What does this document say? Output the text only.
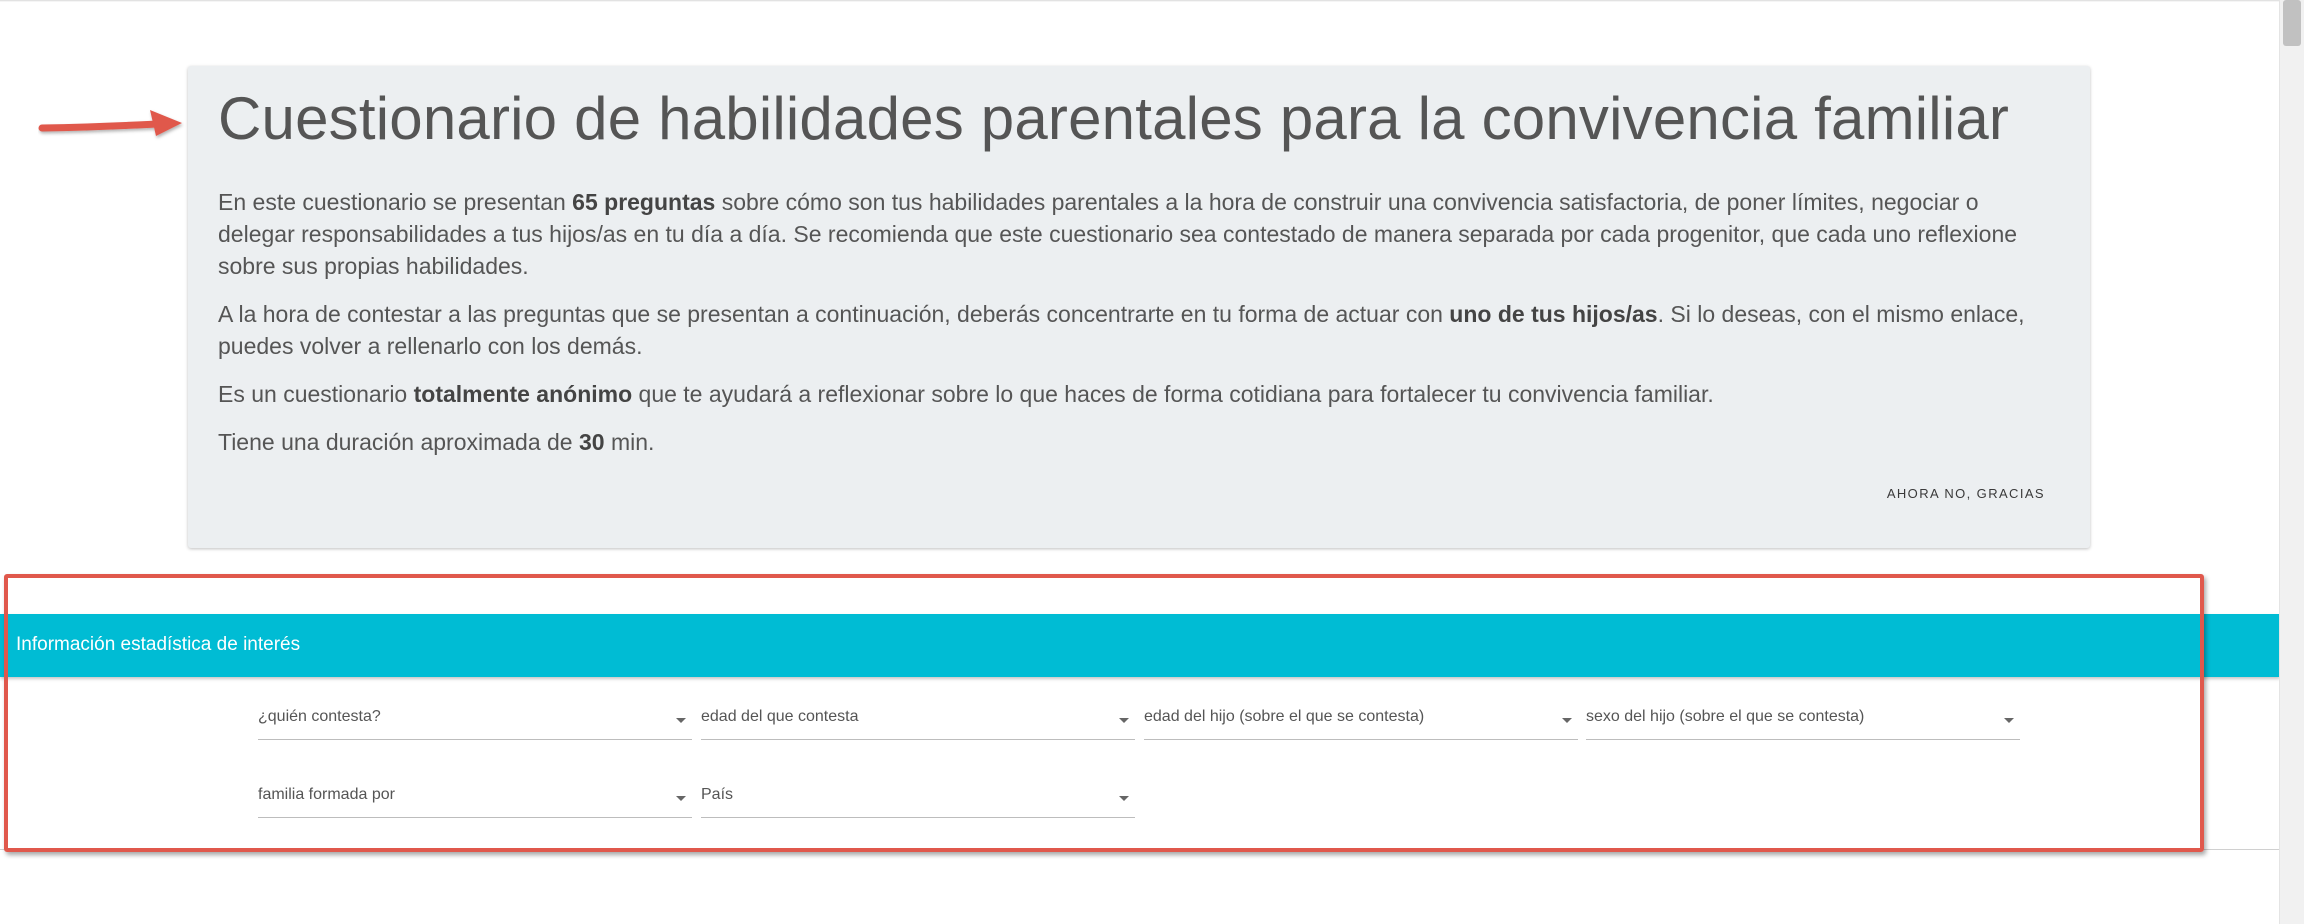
Cuestionario de habilidades parentales para la convivencia familiar

En este cuestionario se presentan 65 preguntas sobre cómo son tus habilidades parentales a la hora de construir una convivencia satisfactoria, de poner límites, negociar o delegar responsabilidades a tus hijos/as en tu día a día. Se recomienda que este cuestionario sea contestado de manera separada por cada progenitor, que cada uno reflexione sobre sus propias habilidades.

A la hora de contestar a las preguntas que se presentan a continuación, deberás concentrarte en tu forma de actuar con uno de tus hijos/as. Si lo deseas, con el mismo enlace, puedes volver a rellenarlo con los demás.

Es un cuestionario totalmente anónimo que te ayudará a reflexionar sobre lo que haces de forma cotidiana para fortalecer tu convivencia familiar.

Tiene una duración aproximada de 30 min.

AHORA NO, GRACIAS
Información estadística de interés
¿quién contesta?	edad del que contesta	edad del hijo (sobre el que se contesta)	sexo del hijo (sobre el que se contesta)
familia formada por	País
